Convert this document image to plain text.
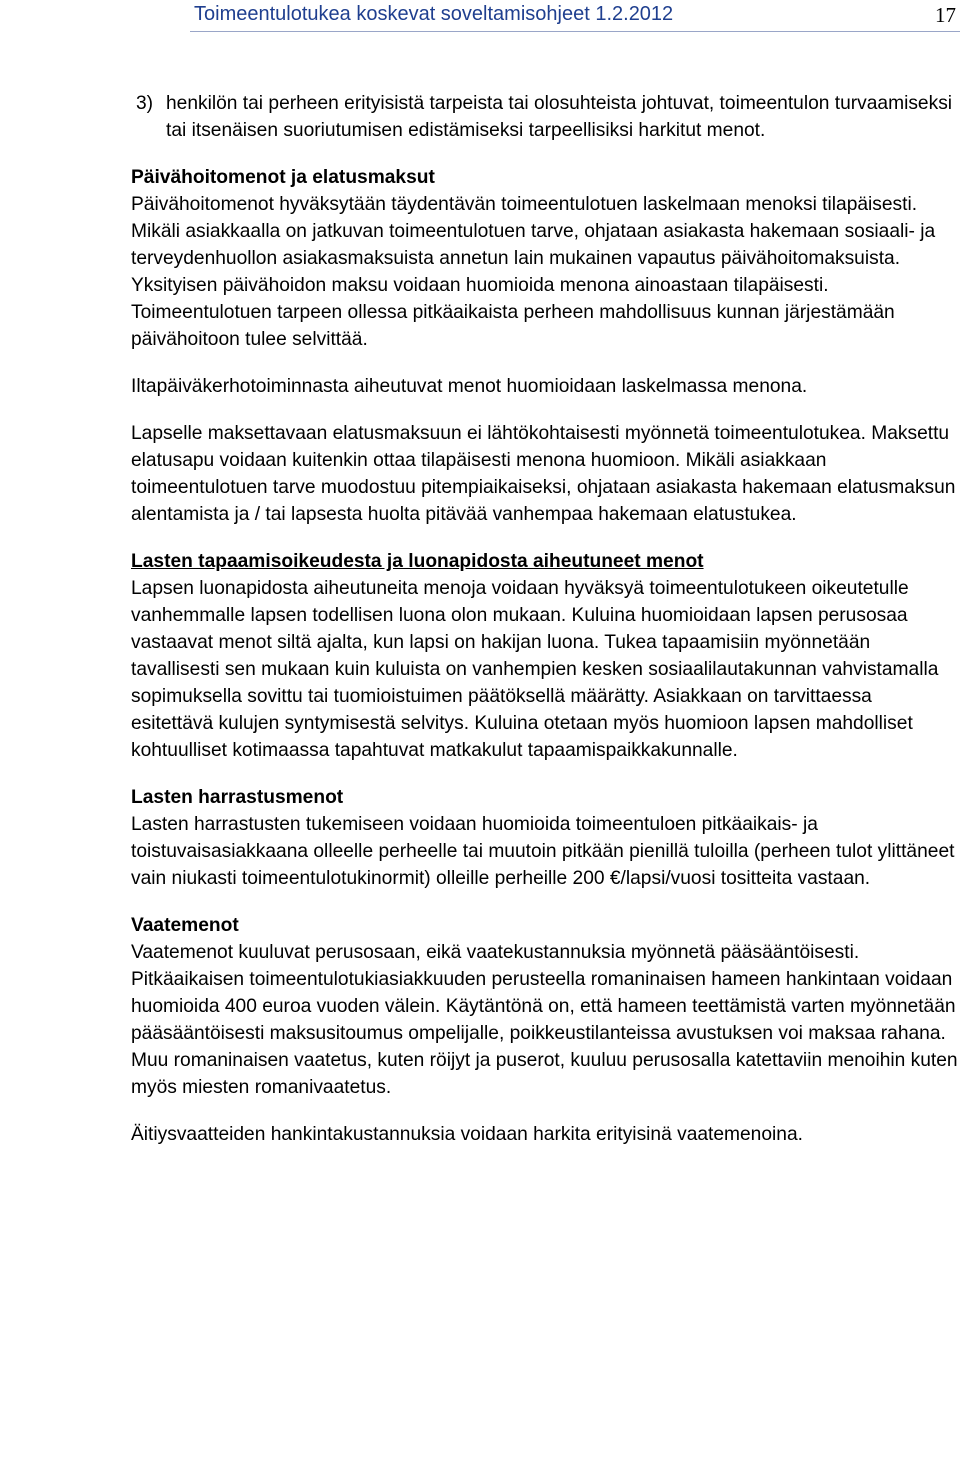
Toimeentulotukea koskevat soveltamisohjeet 1.2.2012	17
3) henkilön tai perheen erityisistä tarpeista tai olosuhteista johtuvat, toimeentulon turvaamiseksi tai itsenäisen suoriutumisen edistämiseksi tarpeellisiksi harkitut menot.
Päivähoitomenot ja elatusmaksut

Päivähoitomenot hyväksytään täydentävän toimeentulotuen laskelmaan menoksi tilapäisesti. Mikäli asiakkaalla on jatkuvan toimeentulotuen tarve, ohjataan asiakasta hakemaan sosiaali- ja terveydenhuollon asiakasmaksuista annetun lain mukainen vapautus päivähoitomaksuista. Yksityisen päivähoidon maksu voidaan huomioida menona ainoastaan tilapäisesti. Toimeentulotuen tarpeen ollessa pitkäaikaista perheen mahdollisuus kunnan järjestämään päivähoitoon tulee selvittää.

Iltapäiväkerhotoiminnasta aiheutuvat menot huomioidaan laskelmassa menona.

Lapselle maksettavaan elatusmaksuun ei lähtökohtaisesti myönnetä toimeentulotukea. Maksettu elatusapu voidaan kuitenkin ottaa tilapäisesti menona huomioon. Mikäli asiakkaan toimeentulotuen tarve muodostuu pitempiaikaiseksi, ohjataan asiakasta hakemaan elatusmaksun alentamista ja / tai lapsesta huolta pitävää vanhempaa hakemaan elatustukea.

Lasten tapaamisoikeudesta ja luonapidosta aiheutuneet menot

Lapsen luonapidosta aiheutuneita menoja voidaan hyväksyä toimeentulotukeen oikeutetulle vanhemmalle lapsen todellisen luona olon mukaan. Kuluina huomioidaan lapsen perusosaa vastaavat menot siltä ajalta, kun lapsi on hakijan luona. Tukea tapaamisiin myönnetään tavallisesti sen mukaan kuin kuluista on vanhempien kesken sosiaalilautakunnan vahvistamalla sopimuksella sovittu tai tuomioistuimen päätöksellä määrätty. Asiakkaan on tarvittaessa esitettävä kulujen syntymisestä selvitys. Kuluina otetaan myös huomioon lapsen mahdolliset kohtuulliset kotimaassa tapahtuvat matkakulut tapaamispaikkakunnalle.

Lasten harrastusmenot

Lasten harrastusten tukemiseen voidaan huomioida toimeentuloen pitkäaikais- ja toistuvaisasiakkaana olleelle perheelle tai muutoin pitkään pienillä tuloilla (perheen tulot ylittäneet vain niukasti toimeentulotukinormit) olleille perheille 200 €/lapsi/vuosi tositteita vastaan.

Vaatemenot

Vaatemenot kuuluvat perusosaan, eikä vaatekustannuksia myönnetä pääsääntöisesti. Pitkäaikaisen toimeentulotukiasiakkuuden perusteella romaninaisen hameen hankintaan voidaan huomioida 400 euroa vuoden välein. Käytäntönä on, että hameen teettämistä varten myönnetään pääsääntöisesti maksusitoumus ompelijalle, poikkeustilanteissa avustuksen voi maksaa rahana. Muu romaninaisen vaatetus, kuten röijyt ja puserot, kuuluu perusosalla katettaviin menoihin kuten myös miesten romanivaatetus.

Äitiysvaatteiden hankintakustannuksia voidaan harkita erityisinä vaatemenoina.
